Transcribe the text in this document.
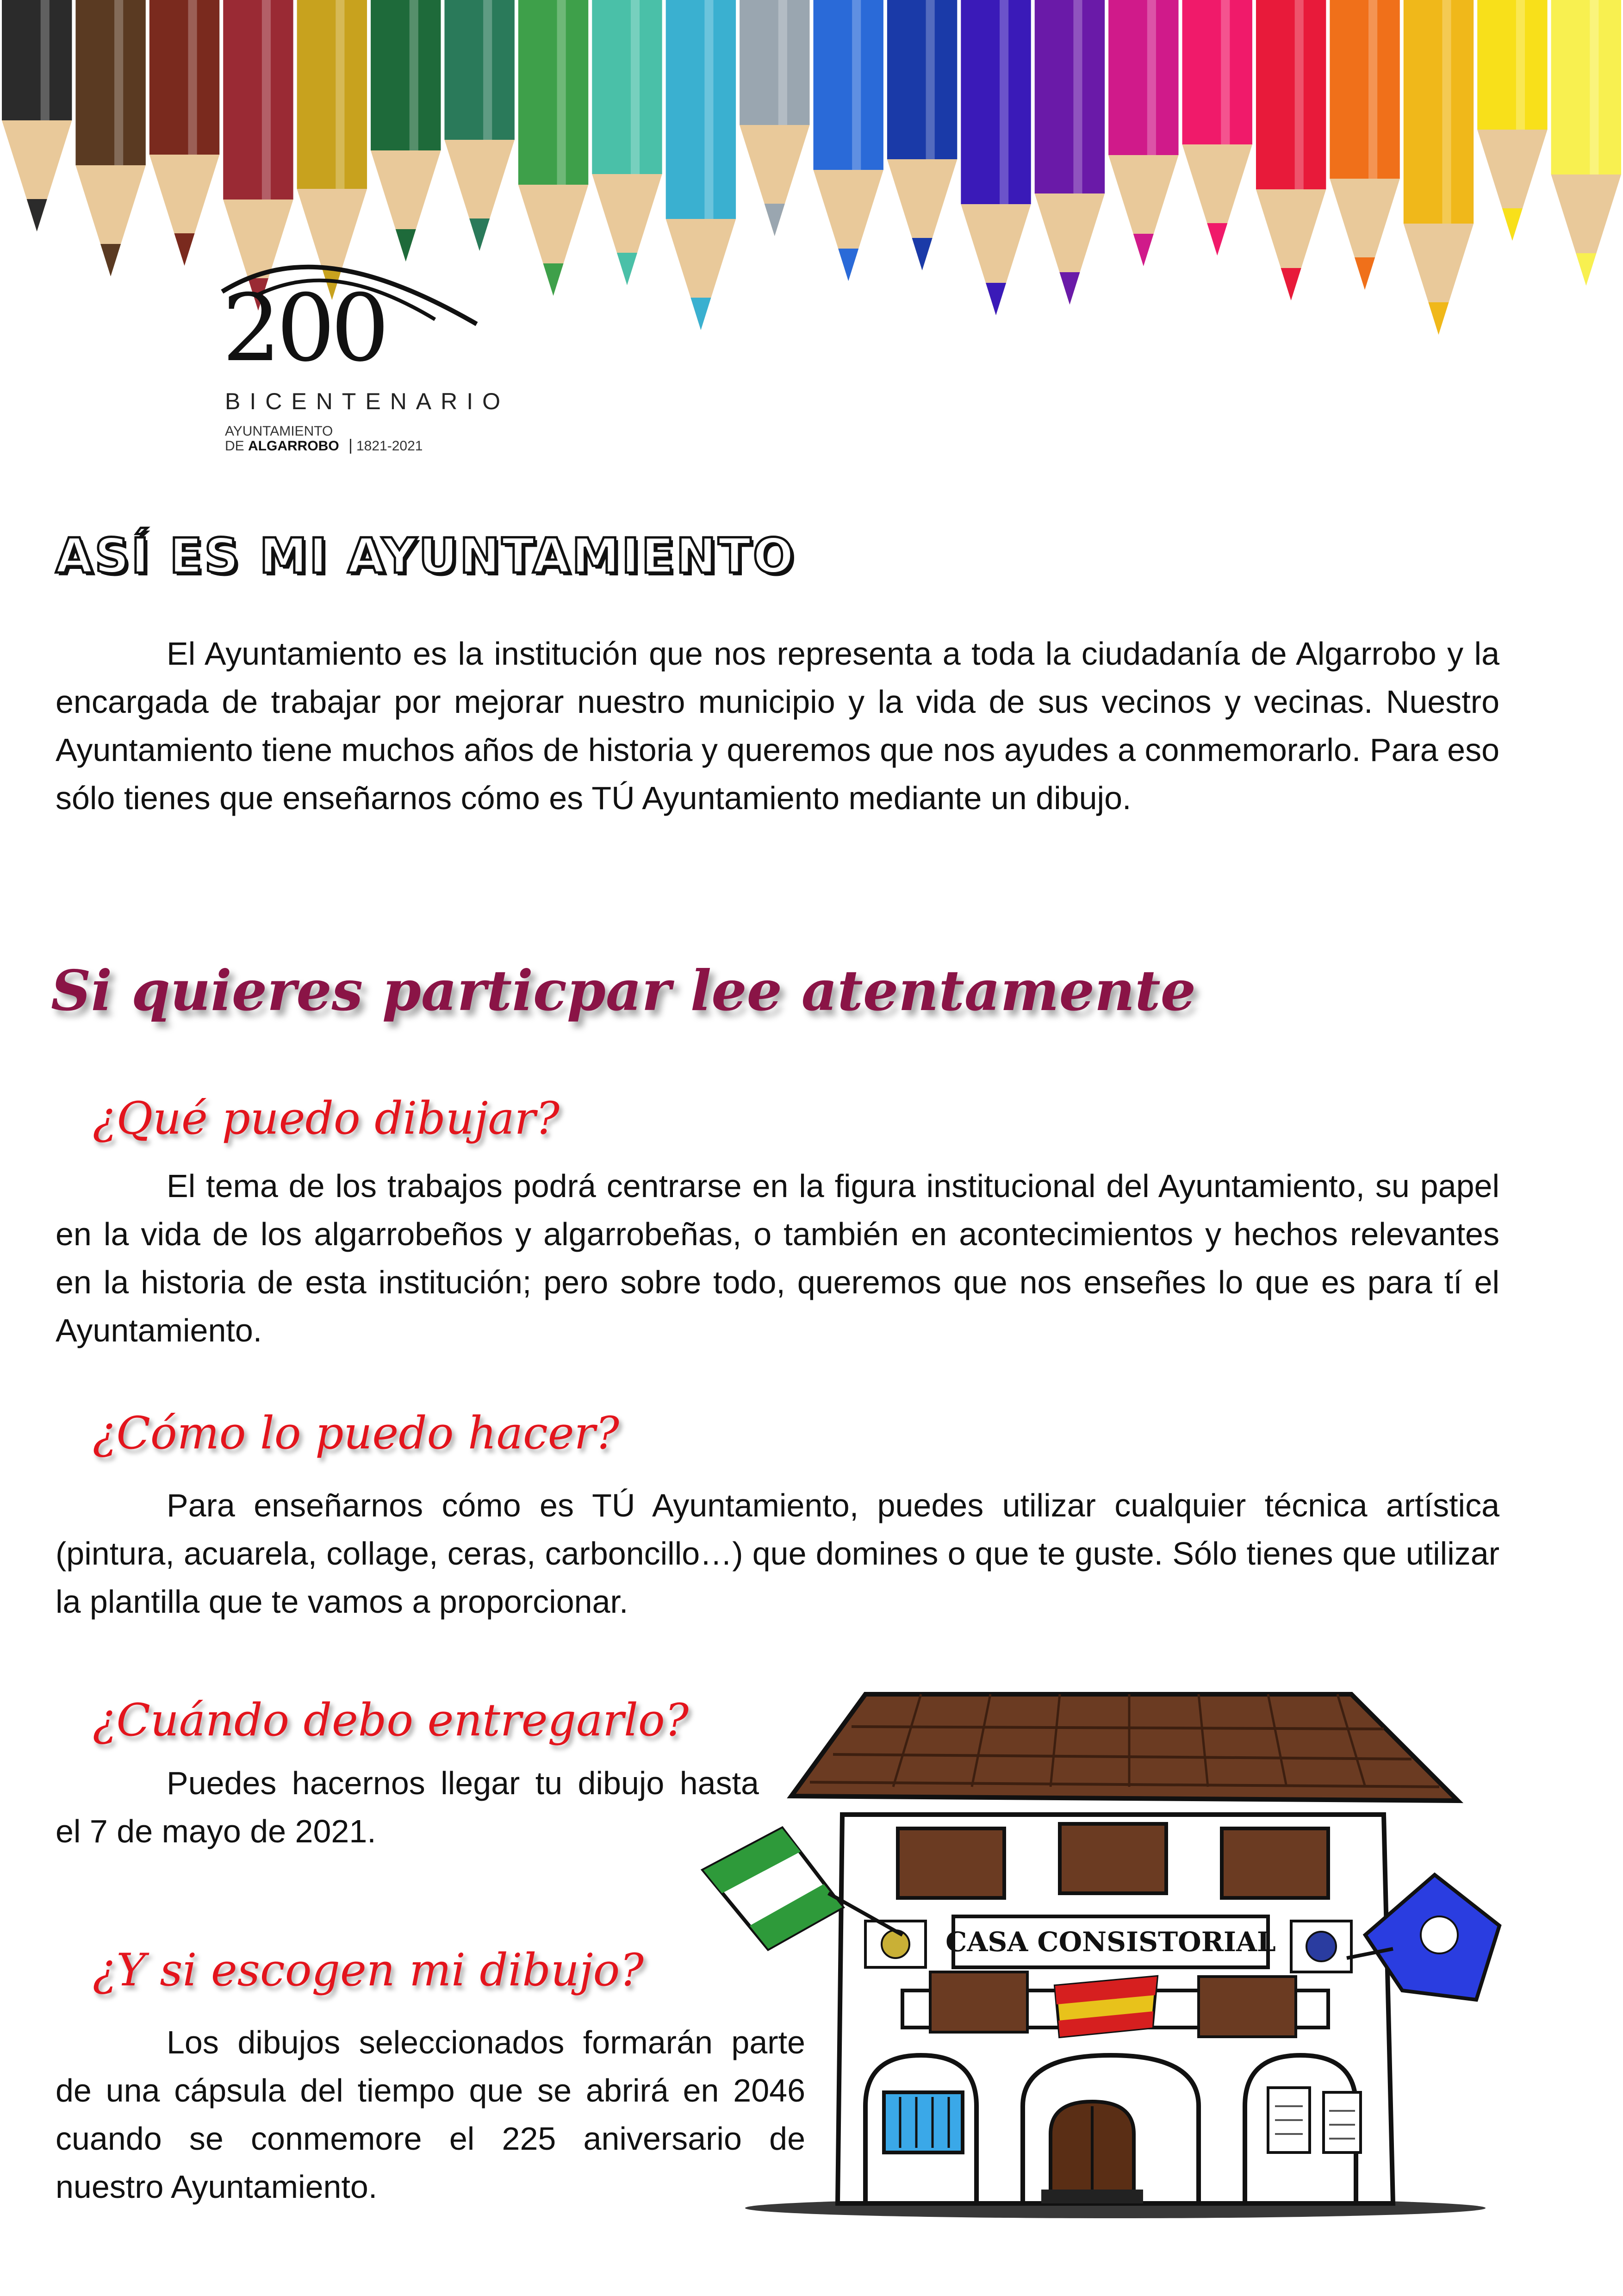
200
BICENTENARIO
AYUNTAMIENTO
DE ALGARROBO 1821-2021
ASÍ ES MI AYUNTAMIENTO
El Ayuntamiento es la institución que nos representa a toda la ciudadanía de Algarrobo y la encargada de trabajar por mejorar nuestro municipio y la vida de sus vecinos y vecinas. Nuestro Ayuntamiento tiene muchos años de historia y queremos que nos ayudes a conmemorarlo. Para eso sólo tienes que enseñarnos cómo es TÚ Ayuntamiento mediante un dibujo.
Si quieres particpar lee atentamente
¿Qué puedo dibujar?
El tema de los trabajos podrá centrarse en la figura institucional del Ayuntamiento, su papel en la vida de los algarrobeños y algarrobeñas, o también en acontecimientos y hechos relevantes en la historia de esta institución; pero sobre todo, queremos que nos enseñes lo que es para tí el Ayuntamiento.
¿Cómo lo puedo hacer?
Para enseñarnos cómo es TÚ Ayuntamiento, puedes utilizar cualquier técnica artística (pintura, acuarela, collage, ceras, carboncillo…) que domines o que te guste. Sólo tienes que utilizar la plantilla que te vamos a proporcionar.
¿Cuándo debo entregarlo?
Puedes hacernos llegar tu dibujo hasta el 7 de mayo de 2021.
¿Y si escogen mi dibujo?
Los dibujos seleccionados formarán parte de una cápsula del tiempo que se abrirá en 2046 cuando se conmemore el 225 aniversario de nuestro Ayuntamiento.
CASA CONSISTORIAL
